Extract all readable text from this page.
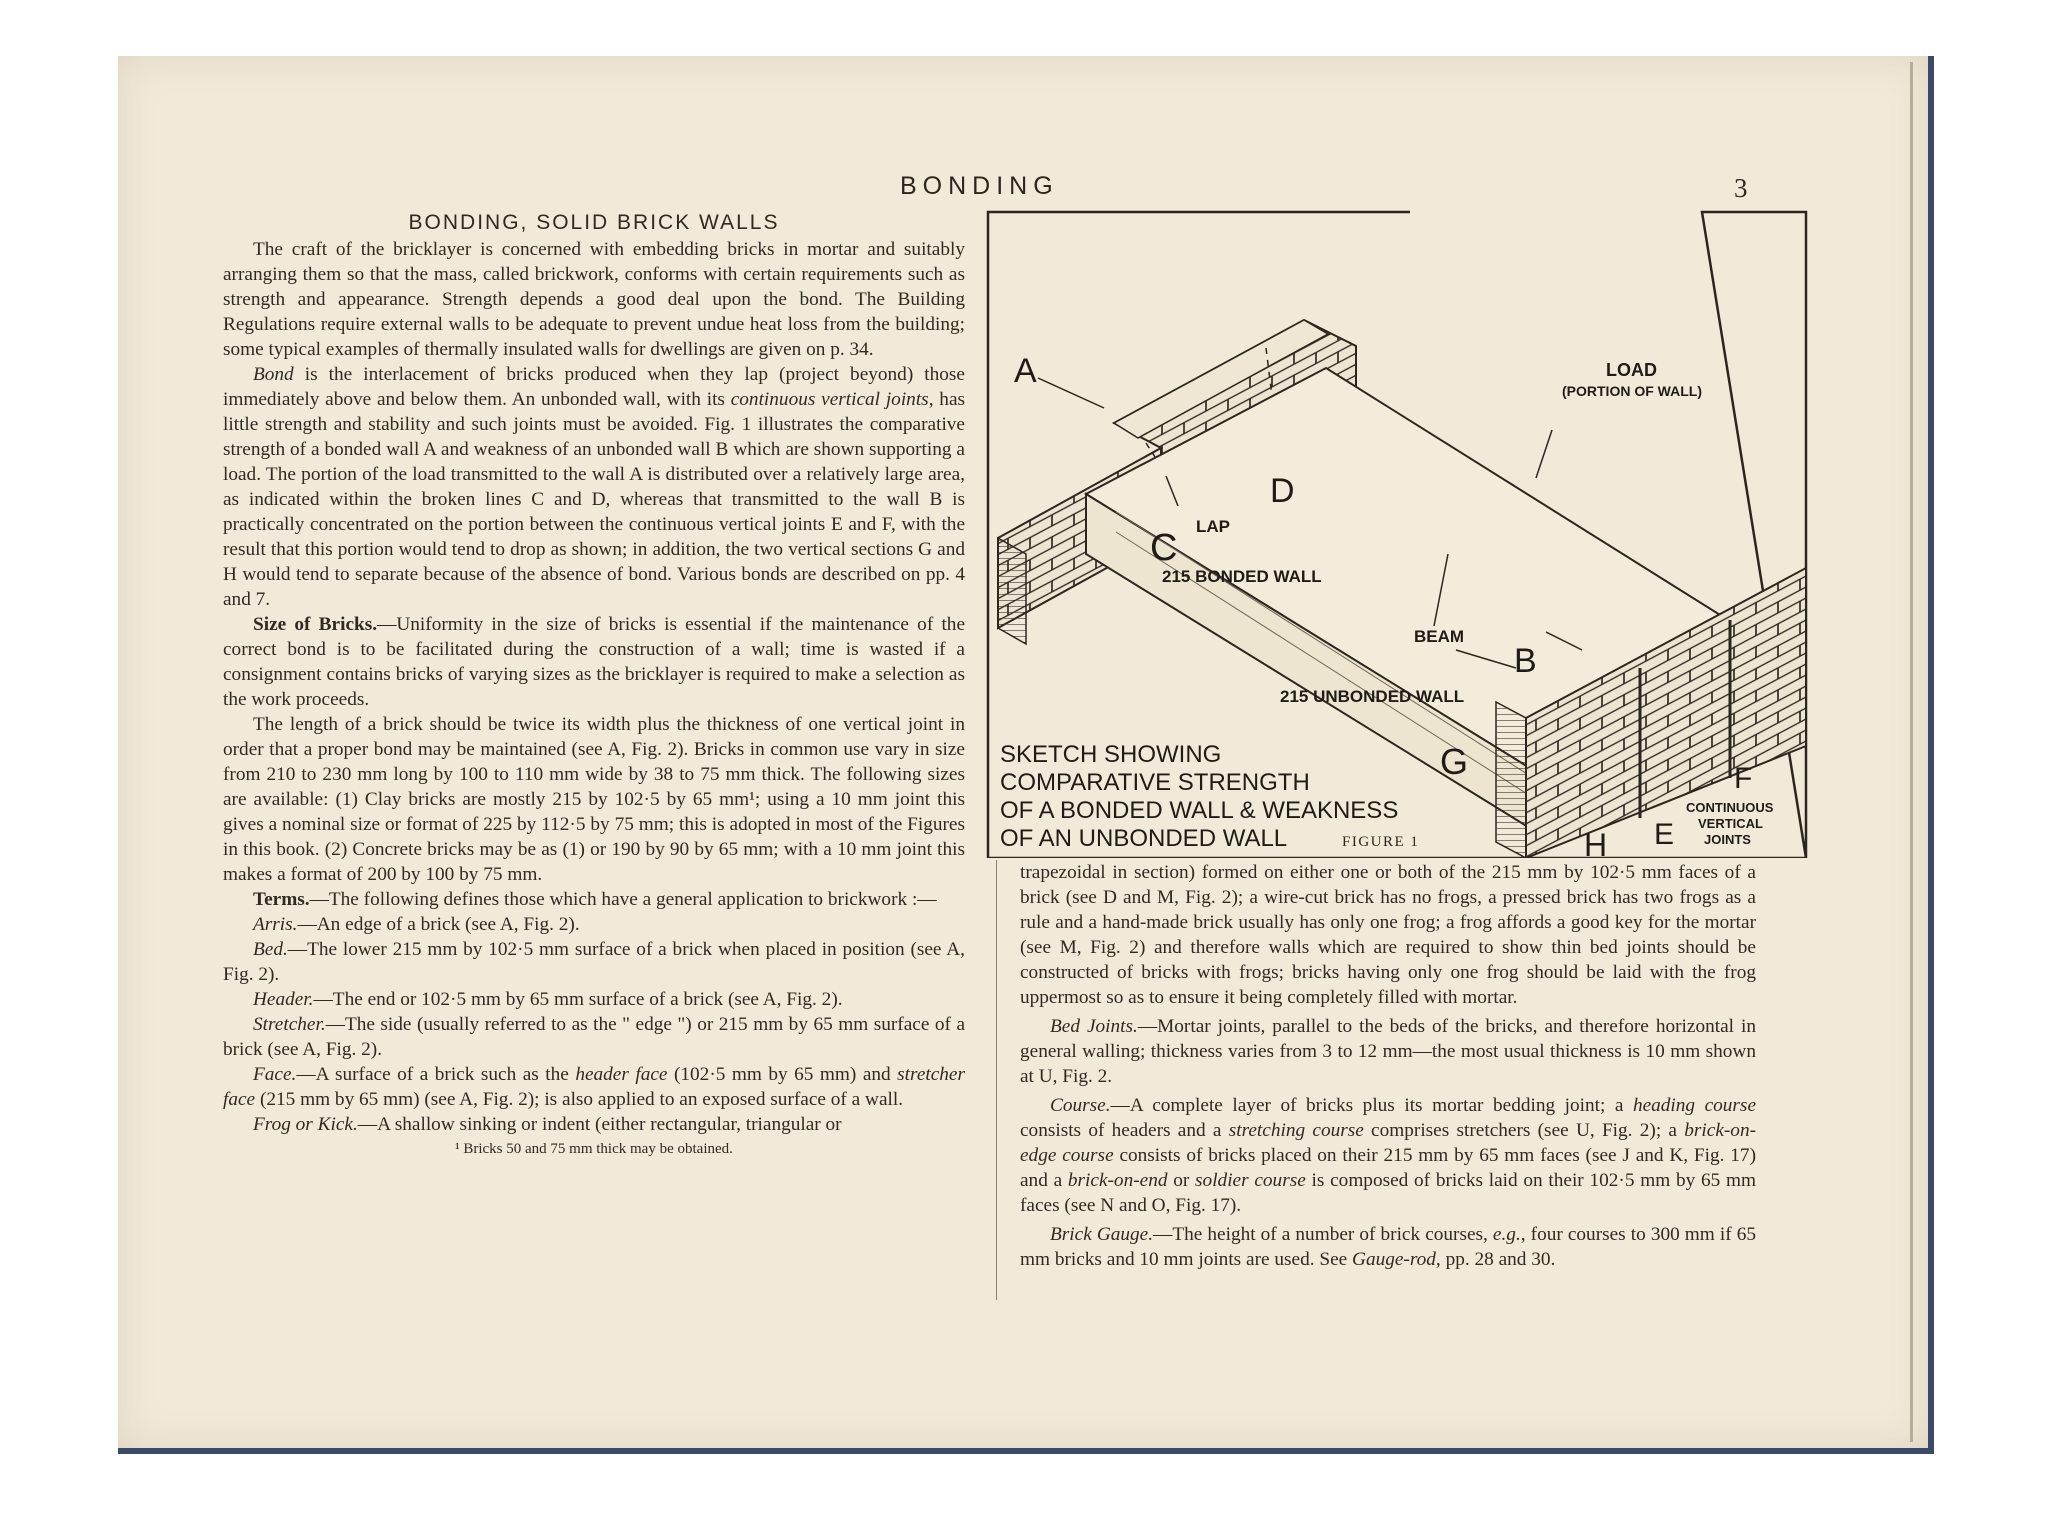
BONDING	3
BONDING, SOLID BRICK WALLS

The craft of the bricklayer is concerned with embedding bricks in mortar and suitably arranging them so that the mass, called brickwork, conforms with certain requirements such as strength and appearance. Strength depends a good deal upon the bond. The Building Regulations require external walls to be adequate to prevent undue heat loss from the building; some typical examples of thermally insulated walls for dwellings are given on p. 34.

Bond is the interlacement of bricks produced when they lap (project beyond) those immediately above and below them. An unbonded wall, with its continuous vertical joints, has little strength and stability and such joints must be avoided. Fig. 1 illustrates the comparative strength of a bonded wall A and weakness of an unbonded wall B which are shown supporting a load. The portion of the load transmitted to the wall A is distributed over a relatively large area, as indicated within the broken lines C and D, whereas that transmitted to the wall B is practically concentrated on the portion between the continuous vertical joints E and F, with the result that this portion would tend to drop as shown; in addition, the two vertical sections G and H would tend to separate because of the absence of bond. Various bonds are described on pp. 4 and 7.

Size of Bricks.—Uniformity in the size of bricks is essential if the maintenance of the correct bond is to be facilitated during the construction of a wall; time is wasted if a consignment contains bricks of varying sizes as the bricklayer is required to make a selection as the work proceeds.

The length of a brick should be twice its width plus the thickness of one vertical joint in order that a proper bond may be maintained (see A, Fig. 2). Bricks in common use vary in size from 210 to 230 mm long by 100 to 110 mm wide by 38 to 75 mm thick. The following sizes are available: (1) Clay bricks are mostly 215 by 102·5 by 65 mm¹; using a 10 mm joint this gives a nominal size or format of 225 by 112·5 by 75 mm; this is adopted in most of the Figures in this book. (2) Concrete bricks may be as (1) or 190 by 90 by 65 mm; with a 10 mm joint this makes a format of 200 by 100 by 75 mm.

Terms.—The following defines those which have a general application to brickwork :—

Arris.—An edge of a brick (see A, Fig. 2).

Bed.—The lower 215 mm by 102·5 mm surface of a brick when placed in position (see A, Fig. 2).

Header.—The end or 102·5 mm by 65 mm surface of a brick (see A, Fig. 2).

Stretcher.—The side (usually referred to as the " edge ") or 215 mm by 65 mm surface of a brick (see A, Fig. 2).

Face.—A surface of a brick such as the header face (102·5 mm by 65 mm) and stretcher face (215 mm by 65 mm) (see A, Fig. 2); is also applied to an exposed surface of a wall.

Frog or Kick.—A shallow sinking or indent (either rectangular, triangular or

¹ Bricks 50 and 75 mm thick may be obtained.

A
D
C
LAP
215 BONDED WALL
LOAD
(PORTION OF WALL)
BEAM
B
215 UNBONDED WALL
G	F
E
H
CONTINUOUS
VERTICAL
JOINTS
SKETCH SHOWING
COMPARATIVE STRENGTH
OF A BONDED WALL & WEAKNESS
OF AN UNBONDED WALL	FIGURE 1

trapezoidal in section) formed on either one or both of the 215 mm by 102·5 mm faces of a brick (see D and M, Fig. 2); a wire-cut brick has no frogs, a pressed brick has two frogs as a rule and a hand-made brick usually has only one frog; a frog affords a good key for the mortar (see M, Fig. 2) and therefore walls which are required to show thin bed joints should be constructed of bricks with frogs; bricks having only one frog should be laid with the frog uppermost so as to ensure it being completely filled with mortar.

Bed Joints.—Mortar joints, parallel to the beds of the bricks, and therefore horizontal in general walling; thickness varies from 3 to 12 mm—the most usual thickness is 10 mm shown at U, Fig. 2.

Course.—A complete layer of bricks plus its mortar bedding joint; a heading course consists of headers and a stretching course comprises stretchers (see U, Fig. 2); a brick-on-edge course consists of bricks placed on their 215 mm by 65 mm faces (see J and K, Fig. 17) and a brick-on-end or soldier course is composed of bricks laid on their 102·5 mm by 65 mm faces (see N and O, Fig. 17).

Brick Gauge.—The height of a number of brick courses, e.g., four courses to 300 mm if 65 mm bricks and 10 mm joints are used. See Gauge-rod, pp. 28 and 30.
